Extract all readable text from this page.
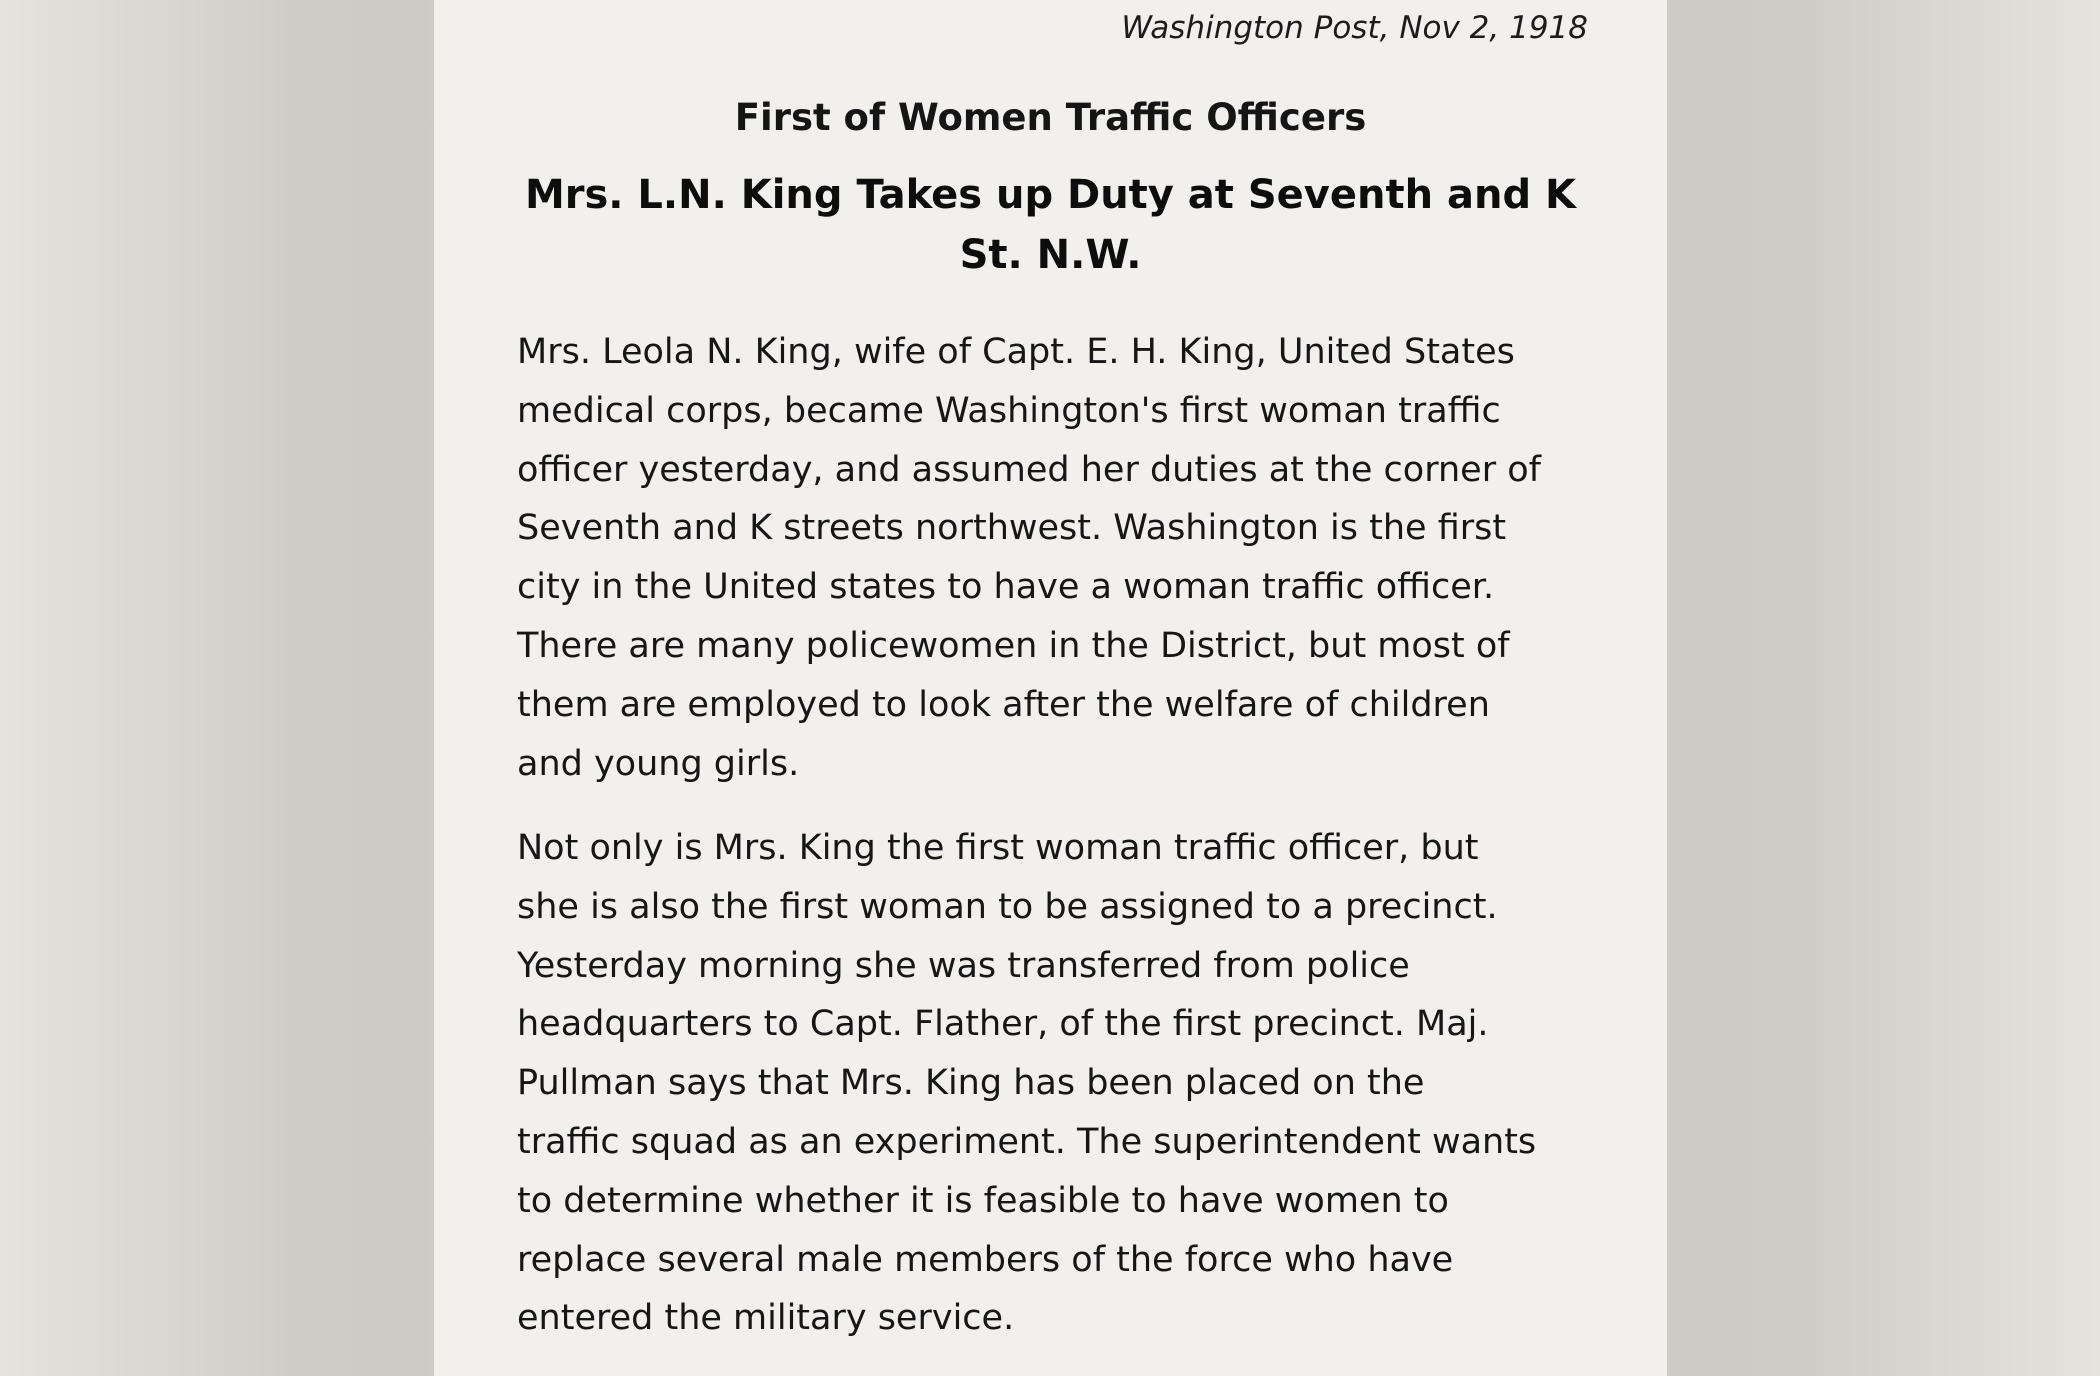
Washington Post, Nov 2, 1918
First of Women Traffic Officers
Mrs. L.N. King Takes up Duty at Seventh and K St. N.W.

Mrs. Leola N. King, wife of Capt. E. H. King, United States
medical corps, became Washington's first woman traffic
officer yesterday, and assumed her duties at the corner of
Seventh and K streets northwest. Washington is the first
city in the United states to have a woman traffic officer.
There are many policewomen in the District, but most of
them are employed to look after the welfare of children
and young girls.

Not only is Mrs. King the first woman traffic officer, but
she is also the first woman to be assigned to a precinct.
Yesterday morning she was transferred from police
headquarters to Capt. Flather, of the first precinct. Maj.
Pullman says that Mrs. King has been placed on the
traffic squad as an experiment. The superintendent wants
to determine whether it is feasible to have women to
replace several male members of the force who have
entered the military service.
